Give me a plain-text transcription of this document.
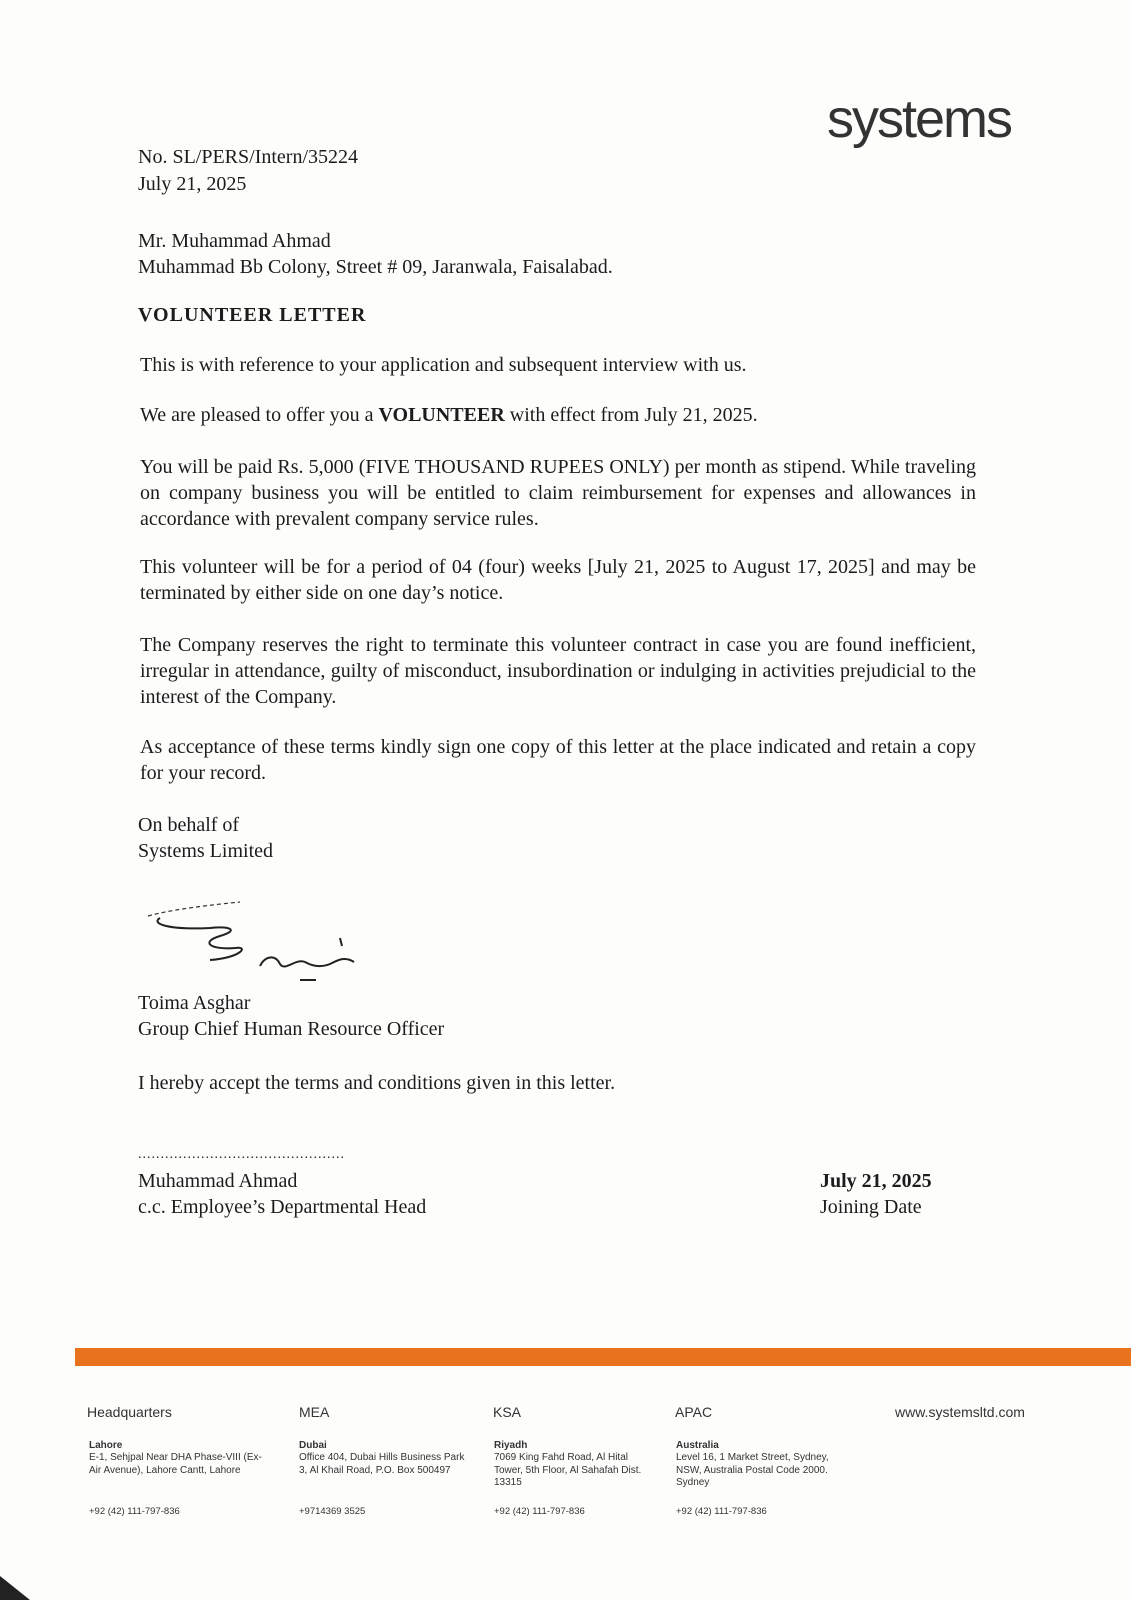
systems
No. SL/PERS/Intern/35224
July 21, 2025
Mr. Muhammad Ahmad
Muhammad Bb Colony, Street # 09, Jaranwala, Faisalabad.
VOLUNTEER LETTER
This is with reference to your application and subsequent interview with us.
We are pleased to offer you a VOLUNTEER with effect from July 21, 2025.
You will be paid Rs. 5,000 (FIVE THOUSAND RUPEES ONLY) per month as stipend. While traveling on company business you will be entitled to claim reimbursement for expenses and allowances in accordance with prevalent company service rules.
This volunteer will be for a period of 04 (four) weeks [July 21, 2025 to August 17, 2025] and may be terminated by either side on one day’s notice.
The Company reserves the right to terminate this volunteer contract in case you are found inefficient, irregular in attendance, guilty of misconduct, insubordination or indulging in activities prejudicial to the interest of the Company.
As acceptance of these terms kindly sign one copy of this letter at the place indicated and retain a copy for your record.
On behalf of
Systems Limited
Toima Asghar
Group Chief Human Resource Officer
I hereby accept the terms and conditions given in this letter.
..............................................
Muhammad Ahmad
c.c. Employee’s Departmental Head
July 21, 2025
Joining Date
Headquarters
Lahore
E-1, Sehjpal Near DHA Phase-VIII (Ex-Air Avenue), Lahore Cantt, Lahore
+92 (42) 111-797-836
MEA
Dubai
Office 404, Dubai Hills Business Park 3, Al Khail Road, P.O. Box 500497
+9714369 3525
KSA
Riyadh
7069 King Fahd Road, Al Hital Tower, 5th Floor, Al Sahafah Dist. 13315
+92 (42) 111-797-836
APAC
Australia
Level 16, 1 Market Street, Sydney, NSW, Australia Postal Code 2000. Sydney
+92 (42) 111-797-836
www.systemsltd.com
